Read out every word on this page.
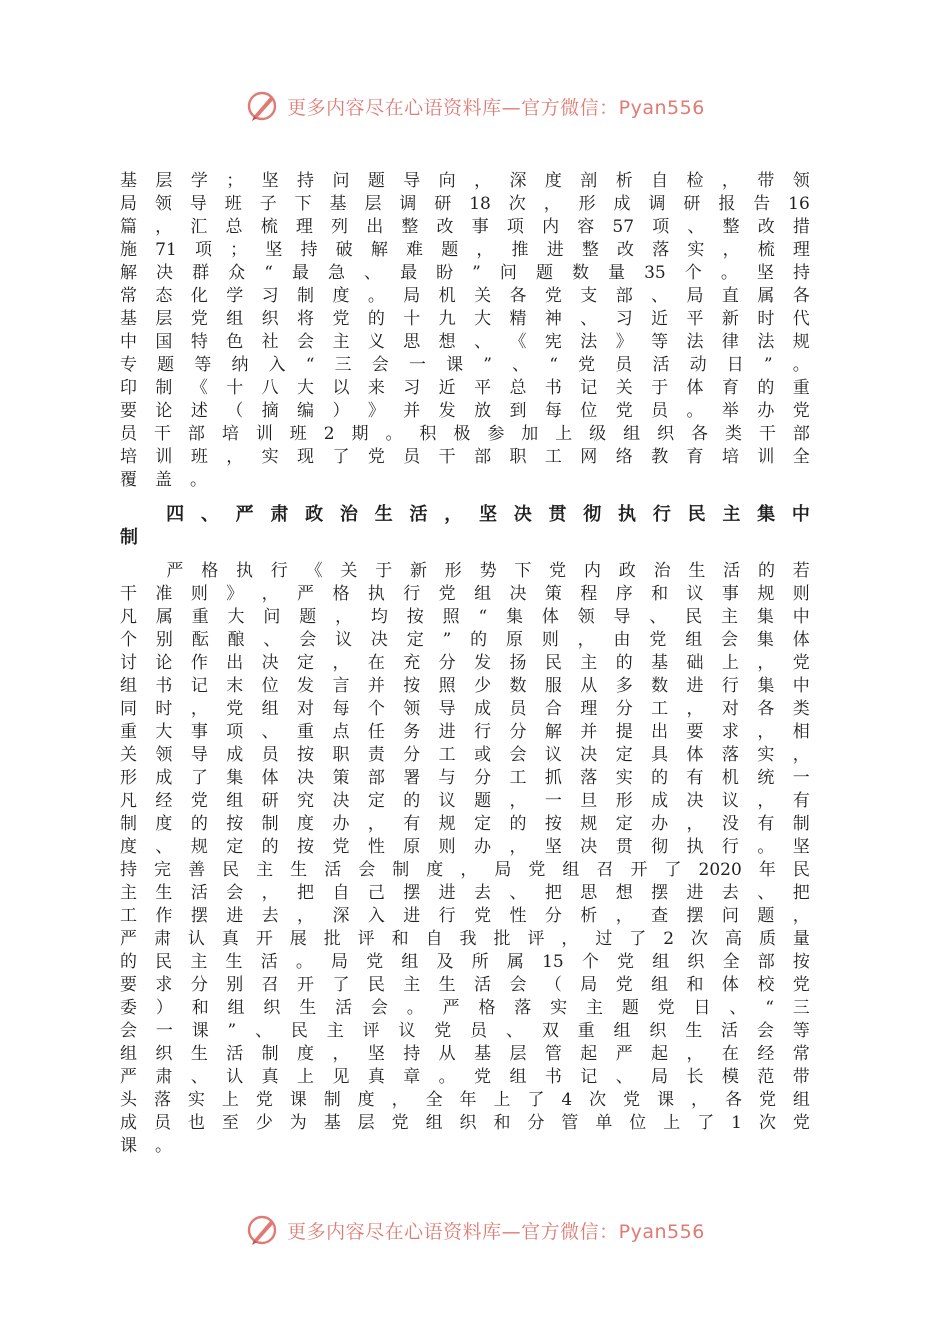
更多内容尽在心语资料库—官方微信：Pyan556
基 层 学 ； 坚 持 问 题 导 向 ， 深 度 剖 析 自 检 ， 带 领
局 领 导 班 子 下 基 层 调 研 18 次 ， 形 成 调 研 报 告 16
篇 ， 汇 总 梳 理 列 出 整 改 事 项 内 容 57 项 、 整 改 措
施 71 项 ； 坚 持 破 解 难 题 ， 推 进 整 改 落 实 ， 梳 理
解 决 群 众 “ 最 急 、 最 盼 ” 问 题 数 量 35 个 。 坚 持
常 态 化 学 习 制 度 。 局 机 关 各 党 支 部 、 局 直 属 各
基 层 党 组 织 将 党 的 十 九 大 精 神 、 习 近 平 新 时 代
中 国 特 色 社 会 主 义 思 想 、 《 宪 法 》 等 法 律 法 规
专 题 等 纳 入 “ 三 会 一 课 ” 、 “ 党 员 活 动 日 ” 。
印 制 《 十 八 大 以 来 习 近 平 总 书 记 关 于 体 育 的 重
要 论 述 （ 摘 编 ） 》 并 发 放 到 每 位 党 员 。 举 办 党
员 干 部 培 训 班 2 期 。 积 极 参 加 上 级 组 织 各 类 干 部
培 训 班 ， 实 现 了 党 员 干 部 职 工 网 络 教 育 培 训 全
覆 盖 。

四 、 严 肃 政 治 生 活 ， 坚 决 贯 彻 执 行 民 主 集 中
制

严 格 执 行 《 关 于 新 形 势 下 党 内 政 治 生 活 的 若
干 准 则 》 ， 严 格 执 行 党 组 决 策 程 序 和 议 事 规 则
凡 属 重 大 问 题 ， 均 按 照 “ 集 体 领 导 、 民 主 集 中
个 别 酝 酿 、 会 议 决 定 ” 的 原 则 ， 由 党 组 会 集 体
讨 论 作 出 决 定 ， 在 充 分 发 扬 民 主 的 基 础 上 ， 党
组 书 记 末 位 发 言 并 按 照 少 数 服 从 多 数 进 行 集 中
同 时 ， 党 组 对 每 个 领 导 成 员 合 理 分 工 ， 对 各 类
重 大 事 项 、 重 点 任 务 进 行 分 解 并 提 出 要 求 ， 相
关 领 导 成 员 按 职 责 分 工 或 会 议 决 定 具 体 落 实 ，
形 成 了 集 体 决 策 部 署 与 分 工 抓 落 实 的 有 机 统 一
凡 经 党 组 研 究 决 定 的 议 题 ， 一 旦 形 成 决 议 ， 有
制 度 的 按 制 度 办 ， 有 规 定 的 按 规 定 办 ， 没 有 制
度 、 规 定 的 按 党 性 原 则 办 ， 坚 决 贯 彻 执 行 。 坚
持 完 善 民 主 生 活 会 制 度 ， 局 党 组 召 开 了 2020 年 民
主 生 活 会 ， 把 自 己 摆 进 去 、 把 思 想 摆 进 去 、 把
工 作 摆 进 去 ， 深 入 进 行 党 性 分 析 ， 查 摆 问 题 ，
严 肃 认 真 开 展 批 评 和 自 我 批 评 ， 过 了 2 次 高 质 量
的 民 主 生 活 。 局 党 组 及 所 属 15 个 党 组 织 全 部 按
要 求 分 别 召 开 了 民 主 生 活 会 （ 局 党 组 和 体 校 党
委 ） 和 组 织 生 活 会 。 严 格 落 实 主 题 党 日 、 “ 三
会 一 课 ” 、 民 主 评 议 党 员 、 双 重 组 织 生 活 会 等
组 织 生 活 制 度 ， 坚 持 从 基 层 管 起 严 起 ， 在 经 常
严 肃 、 认 真 上 见 真 章 。 党 组 书 记 、 局 长 模 范 带
头 落 实 上 党 课 制 度 ， 全 年 上 了 4 次 党 课 ， 各 党 组
成 员 也 至 少 为 基 层 党 组 织 和 分 管 单 位 上 了 1 次 党
课 。
更多内容尽在心语资料库—官方微信：Pyan556
